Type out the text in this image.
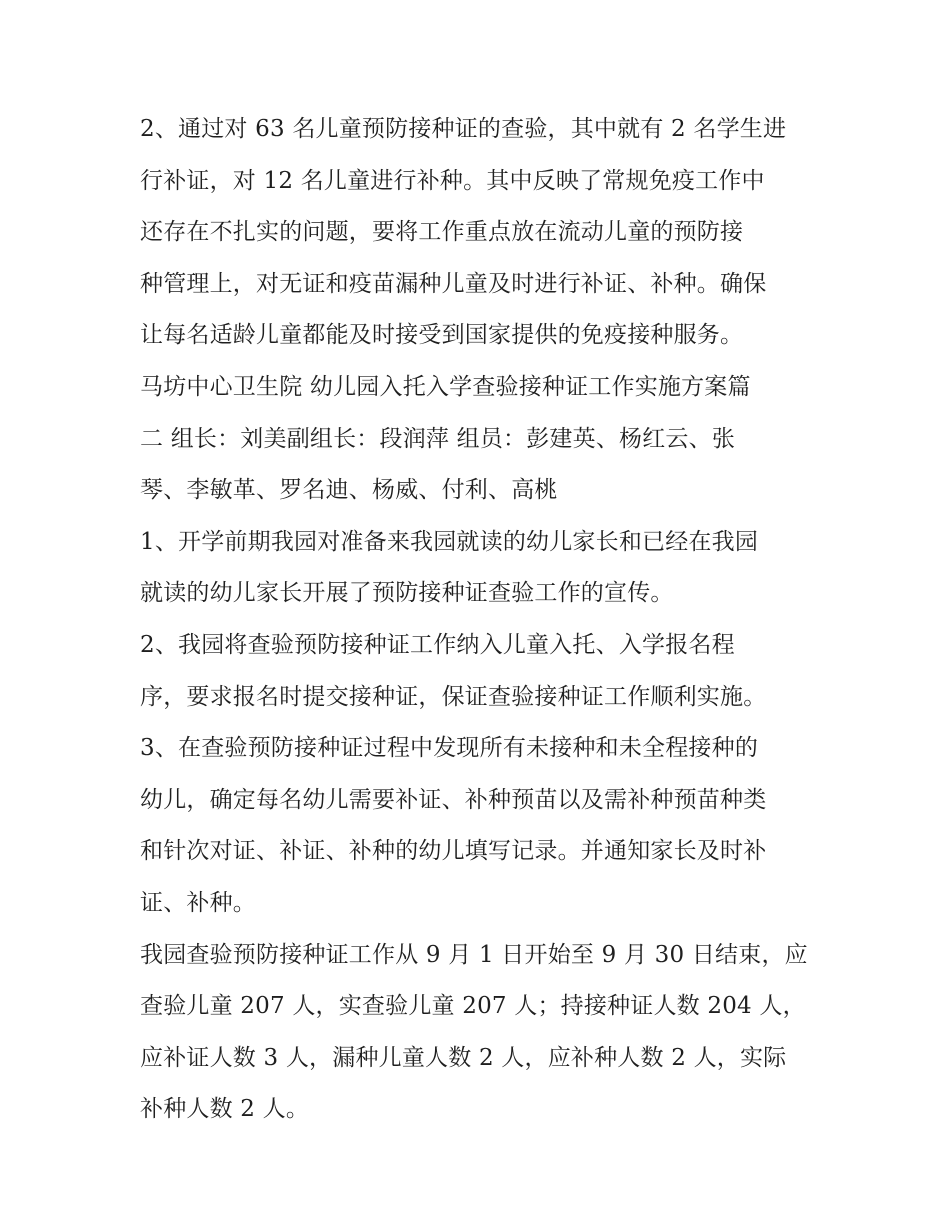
2、通过对 63 名儿童预防接种证的查验，其中就有 2 名学生进
行补证，对 12 名儿童进行补种。其中反映了常规免疫工作中
还存在不扎实的问题，要将工作重点放在流动儿童的预防接
种管理上，对无证和疫苗漏种儿童及时进行补证、补种。确保
让每名适龄儿童都能及时接受到国家提供的免疫接种服务。
马坊中心卫生院 幼儿园入托入学查验接种证工作实施方案篇
二 组长：刘美副组长：段润萍 组员：彭建英、杨红云、张
琴、李敏革、罗名迪、杨威、付利、高桃
1、开学前期我园对准备来我园就读的幼儿家长和已经在我园
就读的幼儿家长开展了预防接种证查验工作的宣传。
2、我园将查验预防接种证工作纳入儿童入托、入学报名程
序，要求报名时提交接种证，保证查验接种证工作顺利实施。
3、在查验预防接种证过程中发现所有未接种和未全程接种的
幼儿，确定每名幼儿需要补证、补种预苗以及需补种预苗种类
和针次对证、补证、补种的幼儿填写记录。并通知家长及时补
证、补种。
我园查验预防接种证工作从 9 月 1 日开始至 9 月 30 日结束，应
查验儿童 207 人，实查验儿童 207 人；持接种证人数 204 人，
应补证人数 3 人，漏种儿童人数 2 人，应补种人数 2 人，实际
补种人数 2 人。
